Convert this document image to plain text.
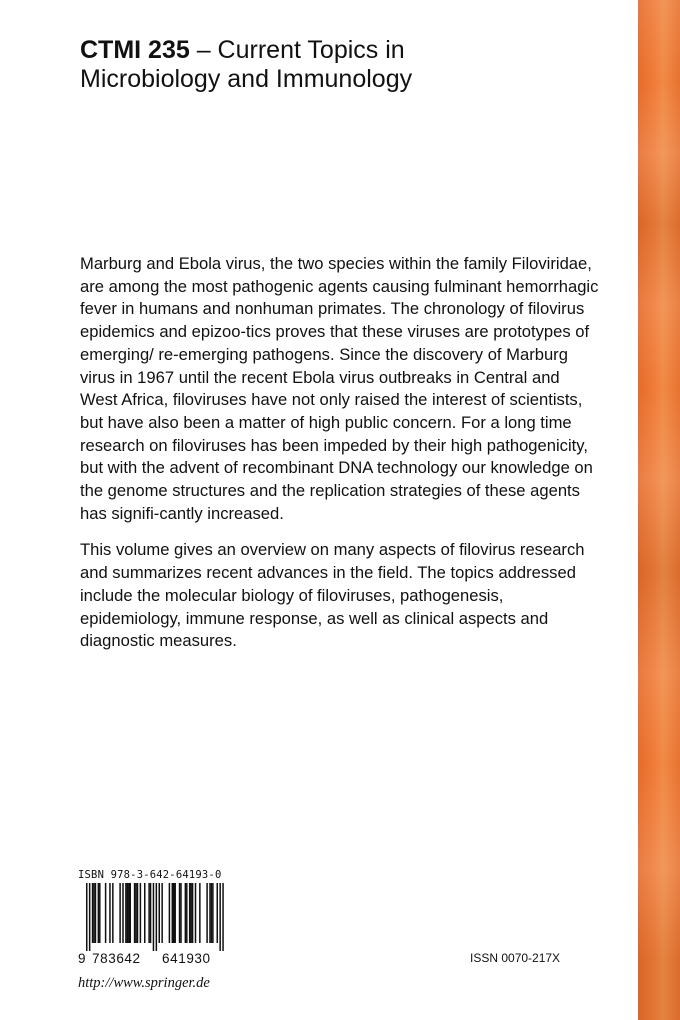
CTMI 235 – Current Topics in
Microbiology and Immunology

Marburg and Ebola virus, the two species within the family Filoviridae, are among the most pathogenic agents causing fulminant hemorrhagic fever in humans and nonhuman primates. The chronology of filovirus epidemics and epizoo-tics proves that these viruses are prototypes of emerging/ re-emerging pathogens. Since the discovery of Marburg virus in 1967 until the recent Ebola virus outbreaks in Central and West Africa, filoviruses have not only raised the interest of scientists, but have also been a matter of high public concern. For a long time research on filoviruses has been impeded by their high pathogenicity, but with the advent of recombinant DNA technology our knowledge on the genome structures and the replication strategies of these agents has signifi-cantly increased.

This volume gives an overview on many aspects of filovirus research and summarizes recent advances in the field. The topics addressed include the molecular biology of filoviruses, pathogenesis, epidemiology, immune response, as well as clinical aspects and diagnostic measures.

ISBN 978-3-642-64193-0
9 783642 641930	ISSN 0070-217X
http://www.springer.de
